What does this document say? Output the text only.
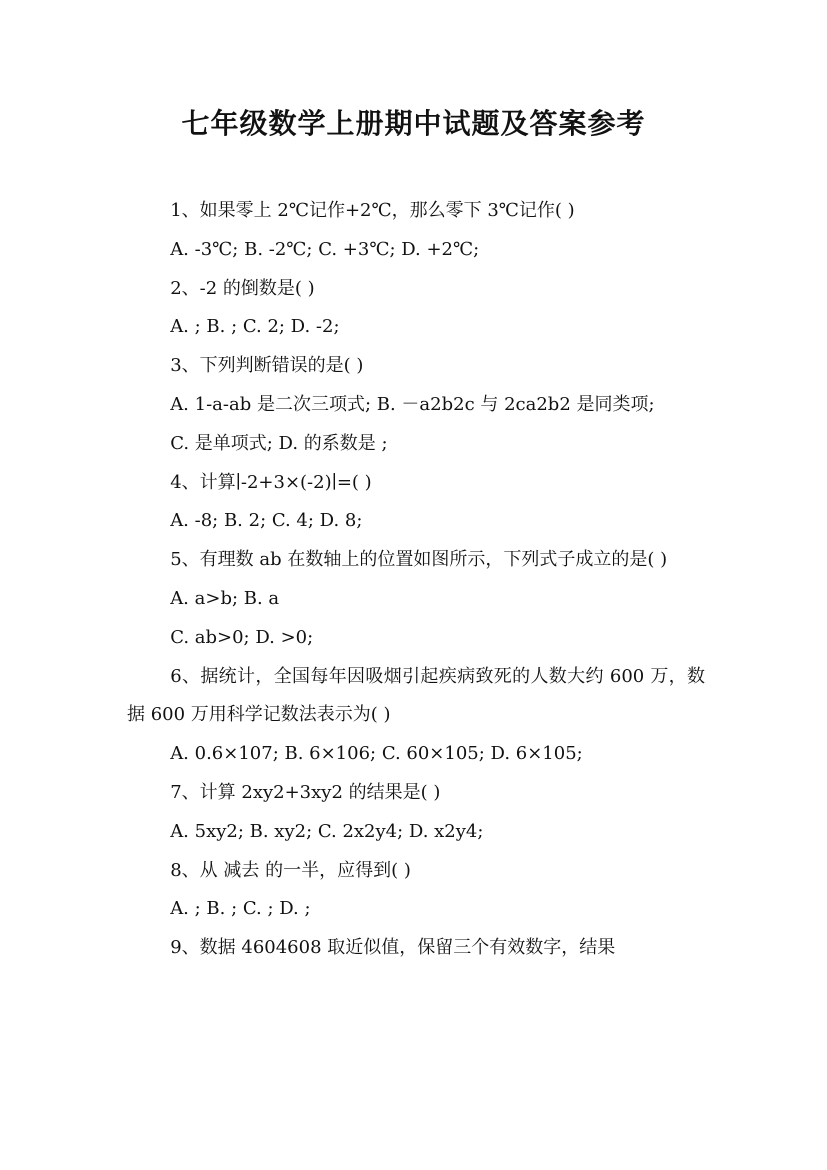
七年级数学上册期中试题及答案参考

1、如果零上 2℃记作+2℃，那么零下 3℃记作( )

A. -3℃; B. -2℃; C. +3℃; D. +2℃;

2、-2 的倒数是( )

A. ; B. ; C. 2; D. -2;

3、下列判断错误的是( )

A. 1-a-ab 是二次三项式; B. －a2b2c 与 2ca2b2 是同类项;

C. 是单项式; D. 的系数是 ;

4、计算∣-2+3×(-2)∣=( )

A. -8; B. 2; C. 4; D. 8;

5、有理数 ab 在数轴上的位置如图所示，下列式子成立的是( )

A. a>b; B. a

C. ab>0; D. >0;

6、据统计，全国每年因吸烟引起疾病致死的人数大约 600 万，数据 600 万用科学记数法表示为( )

A. 0.6×107; B. 6×106; C. 60×105; D. 6×105;

7、计算 2xy2+3xy2 的结果是( )

A. 5xy2; B. xy2; C. 2x2y4; D. x2y4;

8、从 减去 的一半，应得到( )

A. ; B. ; C. ; D. ;

9、数据 4604608 取近似值，保留三个有效数字，结果
